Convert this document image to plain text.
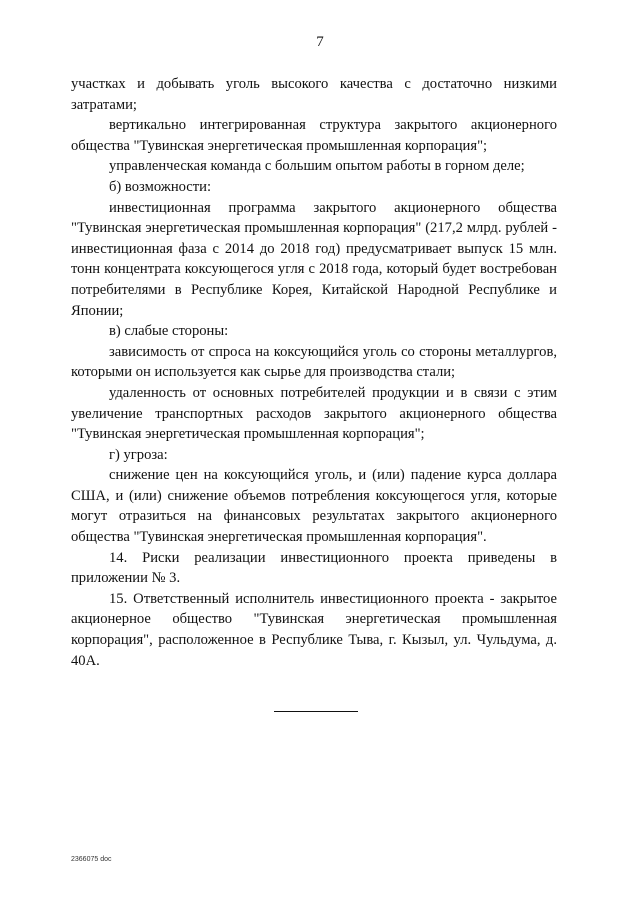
7

участках и добывать уголь высокого качества с достаточно низкими затратами;

вертикально интегрированная структура закрытого акционерного общества "Тувинская энергетическая промышленная корпорация";

управленческая команда с большим опытом работы в горном деле;

б) возможности:

инвестиционная программа закрытого акционерного общества "Тувинская энергетическая промышленная корпорация" (217,2 млрд. рублей - инвестиционная фаза с 2014 до 2018 год) предусматривает выпуск 15 млн. тонн концентрата коксующегося угля с 2018 года, который будет востребован потребителями в Республике Корея, Китайской Народной Республике и Японии;

в) слабые стороны:

зависимость от спроса на коксующийся уголь со стороны металлургов, которыми он используется как сырье для производства стали;

удаленность от основных потребителей продукции и в связи с этим увеличение транспортных расходов закрытого акционерного общества "Тувинская энергетическая промышленная корпорация";

г) угроза:

снижение цен на коксующийся уголь, и (или) падение курса доллара США, и (или) снижение объемов потребления коксующегося угля, которые могут отразиться на финансовых результатах закрытого акционерного общества "Тувинская энергетическая промышленная корпорация".

14. Риски реализации инвестиционного проекта приведены в приложении № 3.

15. Ответственный исполнитель инвестиционного проекта - закрытое акционерное общество "Тувинская энергетическая промышленная корпорация", расположенное в Республике Тыва, г. Кызыл, ул. Чульдума, д. 40А.

2366075 doc
